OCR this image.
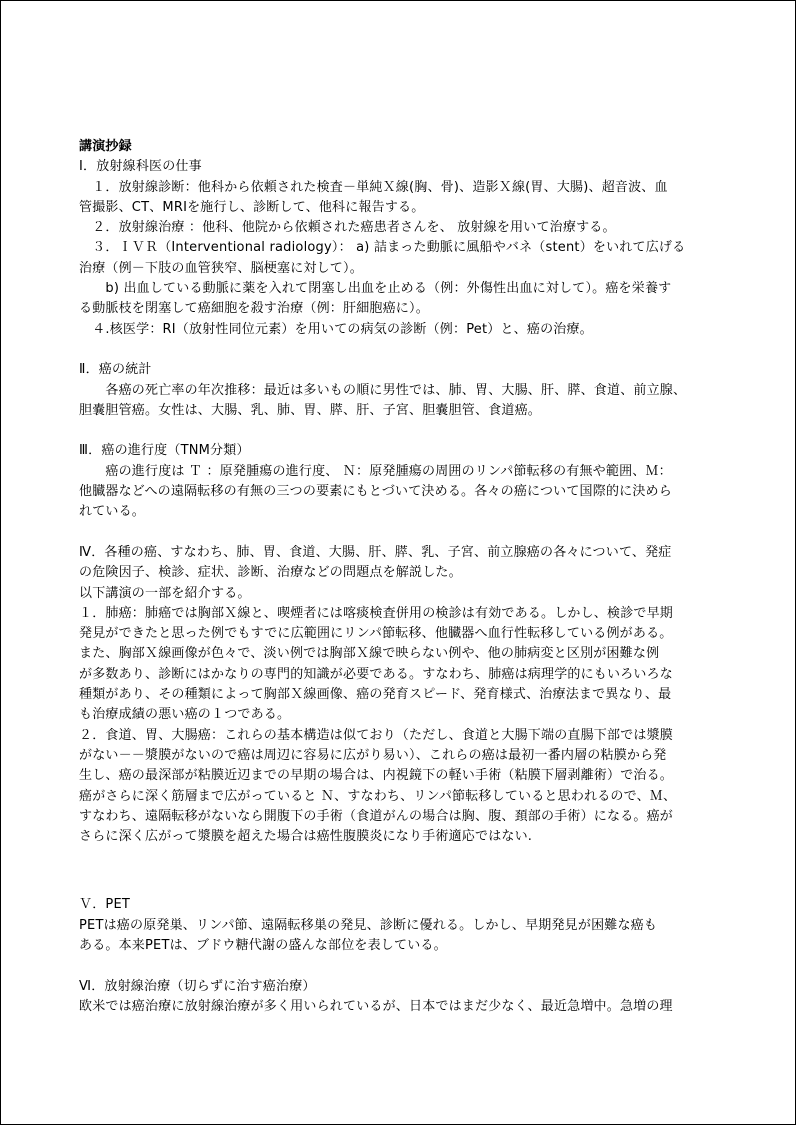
講演抄録
Ⅰ．放射線科医の仕事
　１．放射線診断：他科から依頼された検査－単純Ｘ線(胸、骨)、造影Ｘ線(胃、大腸)、超音波、血
管撮影、CT、MRIを施行し、診断して、他科に報告する。
　２．放射線治療 ：他科、他院から依頼された癌患者さんを、 放射線を用いて治療する。
　３．ＩＶＲ（Interventional radiology）： a) 詰まった動脈に風船やバネ（stent）をいれて広げる
治療（例－下肢の血管狭窄、脳梗塞に対して）。
　　b) 出血している動脈に薬を入れて閉塞し出血を止める（例：外傷性出血に対して）。癌を栄養す
る動脈枝を閉塞して癌細胞を殺す治療（例：肝細胞癌に）。
　４.核医学：RI（放射性同位元素）を用いての病気の診断（例：Pet）と、癌の治療。
Ⅱ．癌の統計
　　各癌の死亡率の年次推移：最近は多いもの順に男性では、肺、胃、大腸、肝、膵、食道、前立腺、
胆嚢胆管癌。女性は、大腸、乳、肺、胃、膵、肝、子宮、胆嚢胆管、食道癌。
Ⅲ．癌の進行度（TNM分類）
　　癌の進行度は Ｔ ：原発腫瘍の進行度、 Ｎ：原発腫瘍の周囲のリンパ節転移の有無や範囲、Ｍ：
他臓器などへの遠隔転移の有無の三つの要素にもとづいて決める。各々の癌について国際的に決めら
れている。
Ⅳ．各種の癌、すなわち、肺、胃、食道、大腸、肝、膵、乳、子宮、前立腺癌の各々について、発症
の危険因子、検診、症状、診断、治療などの問題点を解説した。
以下講演の一部を紹介する。
１．肺癌：肺癌では胸部Ｘ線と、喫煙者には喀痰検査併用の検診は有効である。しかし、検診で早期
発見ができたと思った例でもすでに広範囲にリンパ節転移、他臓器へ血行性転移している例がある。
また、胸部Ｘ線画像が色々で、淡い例では胸部Ｘ線で映らない例や、他の肺病変と区別が困難な例
が多数あり、診断にはかなりの専門的知識が必要である。すなわち、肺癌は病理学的にもいろいろな
種類があり、その種類によって胸部Ｘ線画像、癌の発育スピード、発育様式、治療法まで異なり、最
も治療成績の悪い癌の１つである。
２．食道、胃、大腸癌：これらの基本構造は似ており（ただし、食道と大腸下端の直腸下部では漿膜
がない－－漿膜がないので癌は周辺に容易に広がり易い）、これらの癌は最初一番内層の粘膜から発
生し、癌の最深部が粘膜近辺までの早期の場合は、内視鏡下の軽い手術（粘膜下層剥離術）で治る。
癌がさらに深く筋層まで広がっていると Ｎ、すなわち、リンパ節転移していると思われるので、Ｍ、
すなわち、遠隔転移がないなら開腹下の手術（食道がんの場合は胸、腹、頚部の手術）になる。癌が
さらに深く広がって漿膜を超えた場合は癌性腹膜炎になり手術適応ではない.
Ｖ．PET
PETは癌の原発巣、リンパ節、遠隔転移巣の発見、診断に優れる。しかし、早期発見が困難な癌も
ある。本来PETは、ブドウ糖代謝の盛んな部位を表している。
Ⅵ．放射線治療（切らずに治す癌治療）
欧米では癌治療に放射線治療が多く用いられているが、日本ではまだ少なく、最近急増中。急増の理
